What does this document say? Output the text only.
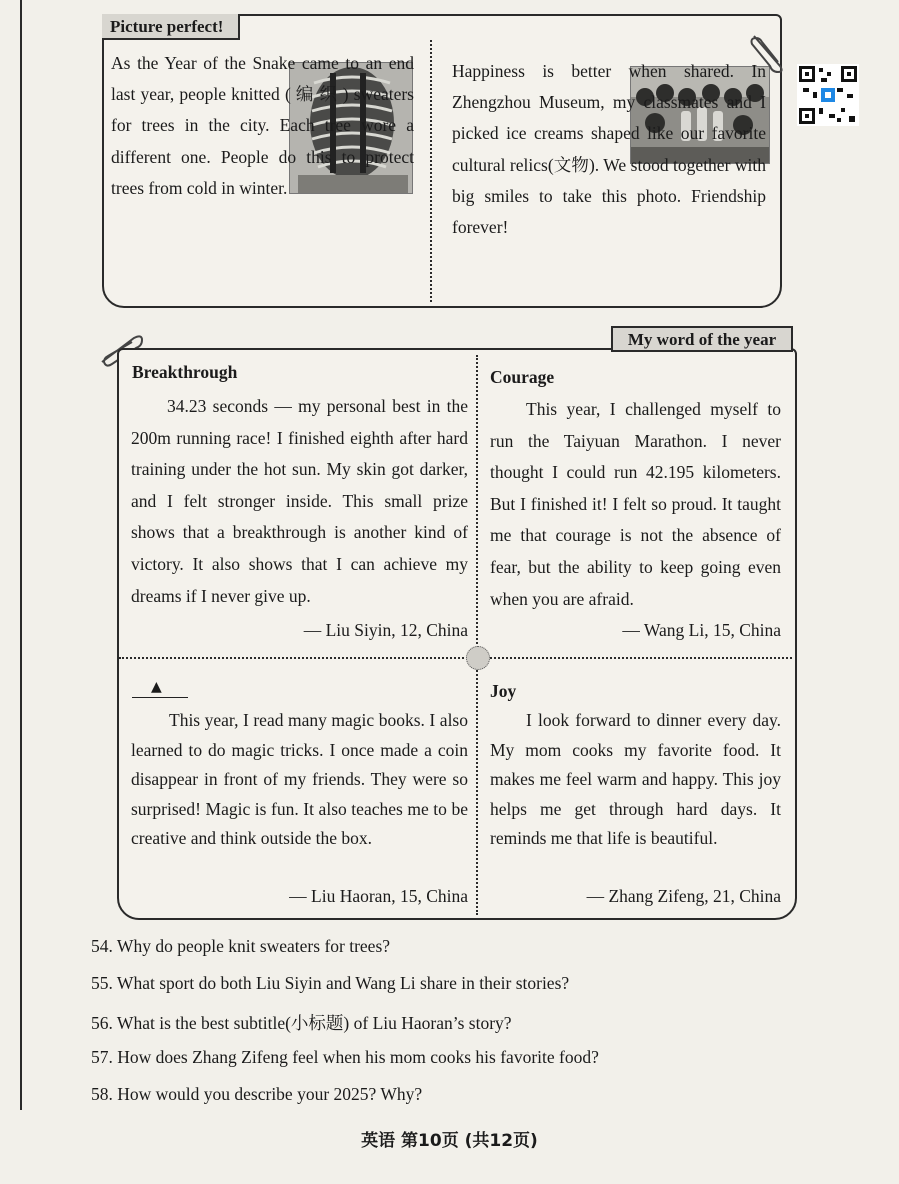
Picture perfect!

As the Year of the Snake came to an end last year, people knitted ( 编 织 ) sweaters for trees in the city. Each tree wore a different one. People do this to protect trees from cold in winter.

Happiness is better when shared. In Zhengzhou Museum, my classmates and I picked ice creams shaped like our favorite cultural relics(文物). We stood together with big smiles to take this photo. Friendship forever!

My word of the year
Breakthrough

34.23 seconds — my personal best in the 200m running race! I finished eighth after hard training under the hot sun. My skin got darker, and I felt stronger inside. This small prize shows that a breakthrough is another kind of victory. It also shows that I can achieve my dreams if I never give up.

— Liu Siyin, 12, China
Courage

This year, I challenged myself to run the Taiyuan Marathon. I never thought I could run 42.195 kilometers. But I finished it! I felt so proud. It taught me that courage is not the absence of fear, but the ability to keep going even when you are afraid.

— Wang Li, 15, China
▲

This year, I read many magic books. I also learned to do magic tricks. I once made a coin disappear in front of my friends. They were so surprised! Magic is fun. It also teaches me to be creative and think outside the box.

— Liu Haoran, 15, China
Joy

I look forward to dinner every day. My mom cooks my favorite food. It makes me feel warm and happy. This joy helps me get through hard days. It reminds me that life is beautiful.

— Zhang Zifeng, 21, China
54. Why do people knit sweaters for trees?
55. What sport do both Liu Siyin and Wang Li share in their stories?
56. What is the best subtitle(小标题) of Liu Haoran’s story?
57. How does Zhang Zifeng feel when his mom cooks his favorite food?
58. How would you describe your 2025? Why?
英语 第10页 (共12页)
